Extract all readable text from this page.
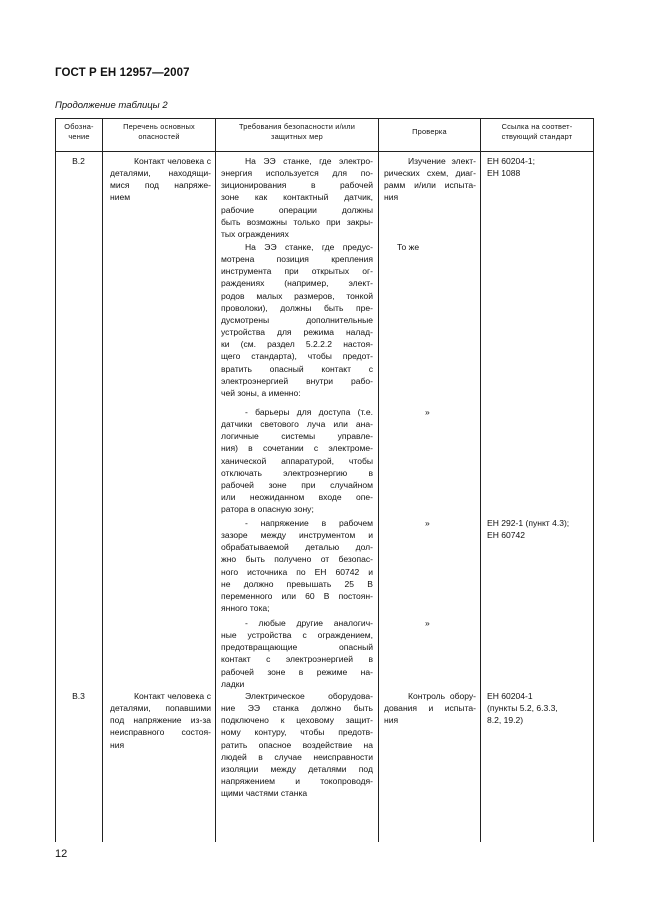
ГОСТ Р ЕН 12957—2007
Продолжение таблицы 2
Обозна-
чение
Перечень основных
опасностей
Требования безопасности и/или
защитных мер
Проверка
Ссылка на соответ-
ствующий стандарт
В.2	Контакт человека с
деталями, находящи-
мися под напряже-
нием
На ЭЭ станке, где электро-
энергия используется для по-
зиционирования в рабочей
зоне как контактный датчик,
рабочие операции должны
быть возможны только при закры-
тых ограждениях
На ЭЭ станке, где предус-
мотрена позиция крепления
инструмента при открытых ог-
раждениях (например, элект-
родов малых размеров, тонкой
проволоки), должны быть пре-
дусмотрены дополнительные
устройства для режима налад-
ки (см. раздел 5.2.2.2 настоя-
щего стандарта), чтобы предот-
вратить опасный контакт с
электроэнергией внутри рабо-
чей зоны, а именно:
- барьеры для доступа (т.е.
датчики светового луча или ана-
логичные системы управле-
ния) в сочетании с электроме-
ханической аппаратурой, чтобы
отключать электроэнергию в
рабочей зоне при случайном
или неожиданном входе опе-
ратора в опасную зону;
- напряжение в рабочем
зазоре между инструментом и
обрабатываемой деталью дол-
жно быть получено от безопас-
ного источника по ЕН 60742 и
не должно превышать 25 В
переменного или 60 В постоян-
янного тока;
- любые другие аналогич-
ные устройства с ограждением,
предотвращающие опасный
контакт с электроэнергией в
рабочей зоне в режиме на-
ладки
Изучение элект-
рических схем, диаг-
рамм и/или испыта-
ния
То же
»
»
»
ЕН 60204-1;
ЕН 1088
ЕН 292-1 (пункт 4.3);
ЕН 60742
В.3	Контакт человека с
деталями, попавшими
под напряжение из-за
неисправного состоя-
ния
Электрическое оборудова-
ние ЭЭ станка должно быть
подключено к цеховому защит-
ному контуру, чтобы предотв-
ратить опасное воздействие на
людей в случае неисправности
изоляции между деталями под
напряжением и токопроводя-
щими частями станка
Контроль обору-
дования и испыта-
ния
ЕН 60204-1
(пункты 5.2, 6.3.3,
8.2, 19.2)
12
